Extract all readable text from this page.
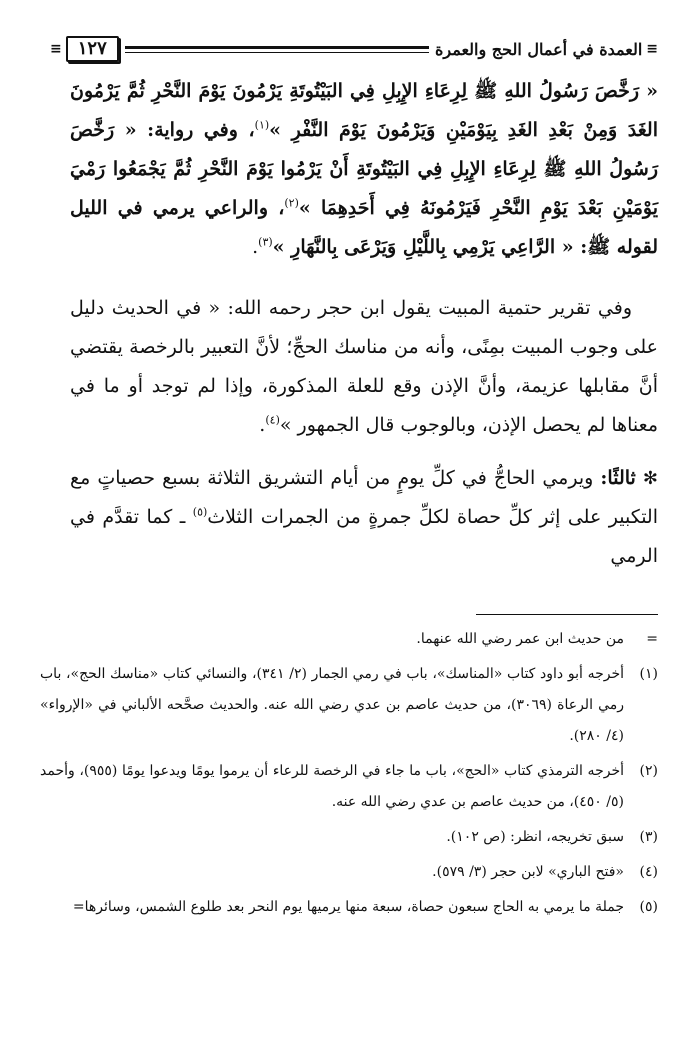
≡
العمدة في أعمال الحج والعمرة
١٢٧
≡

« رَخَّصَ رَسُولُ اللهِ ﷺ لِرِعَاءِ الإِبِلِ فِي البَيْتُوتَةِ يَرْمُونَ يَوْمَ النَّحْرِ ثُمَّ يَرْمُونَ الغَدَ وَمِنْ بَعْدِ الغَدِ بِيَوْمَيْنِ وَيَرْمُونَ يَوْمَ النَّفْرِ »$^{(١)}$، وفي رواية: « رَخَّصَ رَسُولُ اللهِ ﷺ لِرِعَاءِ الإِبِلِ فِي البَيْتُوتَةِ أَنْ يَرْمُوا يَوْمَ النَّحْرِ ثُمَّ يَجْمَعُوا رَمْيَ يَوْمَيْنِ بَعْدَ يَوْمِ النَّحْرِ فَيَرْمُونَهُ فِي أَحَدِهِمَا »$^{(٢)}$، والراعي يرمي في الليل لقوله ﷺ: « الرَّاعِي يَرْمِي بِاللَّيْلِ وَيَرْعَى بِالنَّهَارِ »$^{(٣)}$.

وفي تقرير حتمية المبيت يقول ابن حجر رحمه الله: « في الحديث دليل على وجوب المبيت بمِنًى، وأنه من مناسك الحجِّ؛ لأنَّ التعبير بالرخصة يقتضي أنَّ مقابلها عزيمة، وأنَّ الإذن وقع للعلة المذكورة، وإذا لم توجد أو ما في معناها لم يحصل الإذن، وبالوجوب قال الجمهور »$^{(٤)}$.

✻ ثالثًا: ويرمي الحاجُّ في كلِّ يومٍ من أيام التشريق الثلاثة بسبع حصياتٍ مع التكبير على إثر كلِّ حصاة لكلِّ جمرةٍ من الجمرات الثلاث$^{(٥)}$ ـ كما تقدَّم في الرمي

=
من حديث ابن عمر رضي الله عنهما.
(١)
أخرجه أبو داود كتاب «المناسك»، باب في رمي الجمار (٢/ ٣٤١)، والنسائي كتاب «مناسك الحج»، باب رمي الرعاة (٣٠٦٩)، من حديث عاصم بن عدي رضي الله عنه. والحديث صحَّحه الألباني في «الإرواء» (٤/ ٢٨٠).
(٢)
أخرجه الترمذي كتاب «الحج»، باب ما جاء في الرخصة للرعاء أن يرموا يومًا ويدعوا يومًا (٩٥٥)، وأحمد (٥/ ٤٥٠)، من حديث عاصم بن عدي رضي الله عنه.
(٣)
سبق تخريجه، انظر: (ص ١٠٢).
(٤)
«فتح الباري» لابن حجر (٣/ ٥٧٩).
(٥)
جملة ما يرمي به الحاج سبعون حصاة، سبعة منها يرميها يوم النحر بعد طلوع الشمس، وسائرها=
